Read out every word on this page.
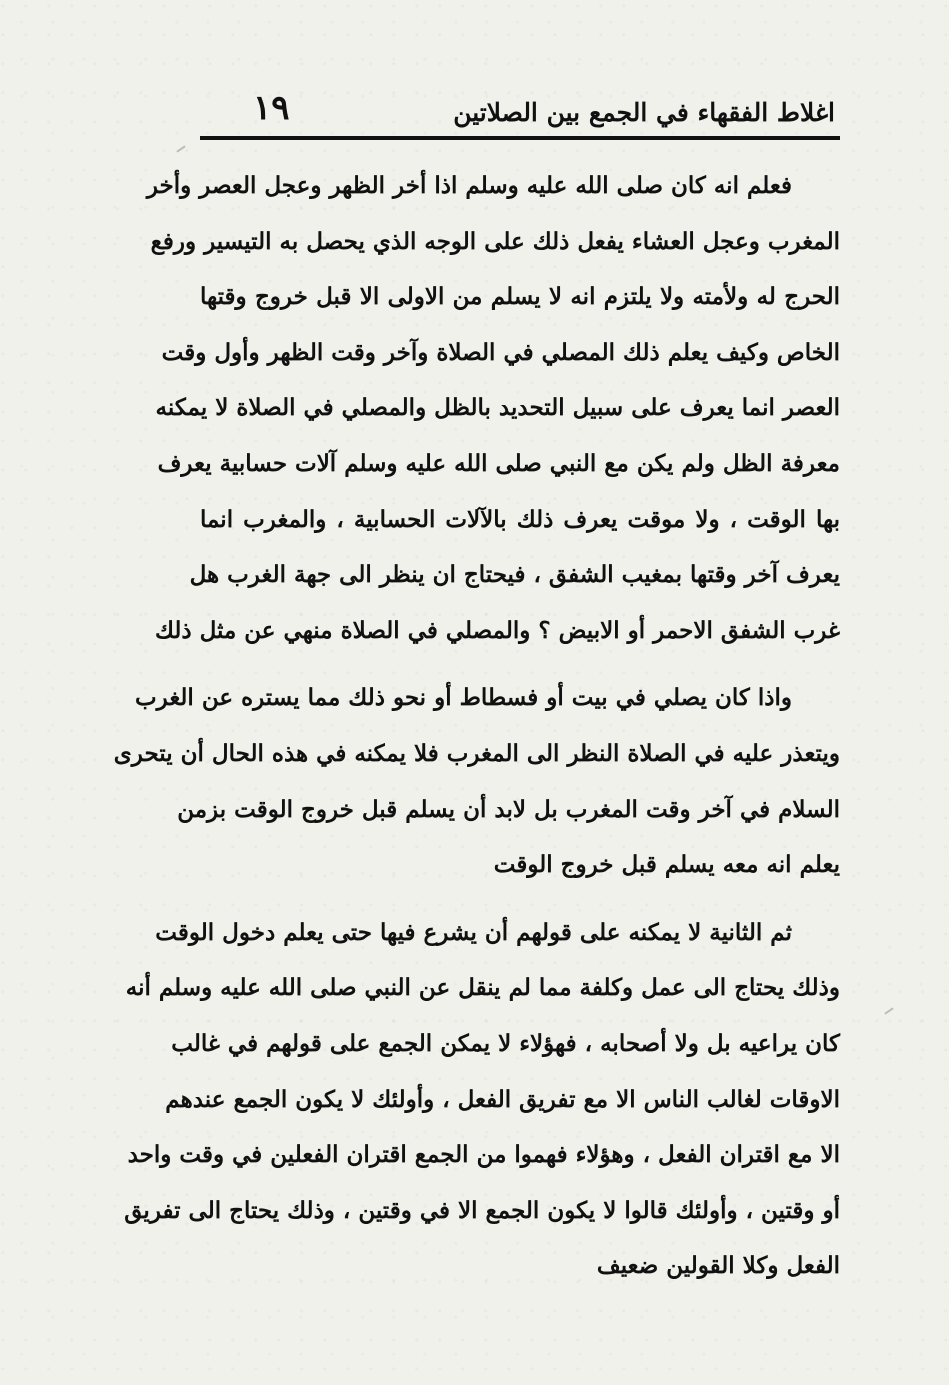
اغلاط الفقهاء في الجمع بين الصلاتين
١٩
فعلم انه كان صلى الله عليه وسلم اذا أخر الظهر وعجل العصر وأخر
المغرب وعجل العشاء يفعل ذلك على الوجه الذي يحصل به التيسير ورفع
الحرج له ولأمته ولا يلتزم انه لا يسلم من الاولى الا قبل خروج وقتها
الخاص وكيف يعلم ذلك المصلي في الصلاة وآخر وقت الظهر وأول وقت
العصر انما يعرف على سبيل التحديد بالظل والمصلي في الصلاة لا يمكنه
معرفة الظل ولم يكن مع النبي صلى الله عليه وسلم آلات حسابية يعرف
بها الوقت ، ولا موقت يعرف ذلك بالآلات الحسابية ، والمغرب انما
يعرف آخر وقتها بمغيب الشفق ، فيحتاج ان ينظر الى جهة الغرب هل
غرب الشفق الاحمر أو الابيض ؟ والمصلي في الصلاة منهي عن مثل ذلك
واذا كان يصلي في بيت أو فسطاط أو نحو ذلك مما يستره عن الغرب
ويتعذر عليه في الصلاة النظر الى المغرب فلا يمكنه في هذه الحال أن يتحرى
السلام في آخر وقت المغرب بل لابد أن يسلم قبل خروج الوقت بزمن
يعلم انه معه يسلم قبل خروج الوقت
ثم الثانية لا يمكنه على قولهم أن يشرع فيها حتى يعلم دخول الوقت
وذلك يحتاج الى عمل وكلفة مما لم ينقل عن النبي صلى الله عليه وسلم أنه
كان يراعيه بل ولا أصحابه ، فهؤلاء لا يمكن الجمع على قولهم في غالب
الاوقات لغالب الناس الا مع تفريق الفعل ، وأولئك لا يكون الجمع عندهم
الا مع اقتران الفعل ، وهؤلاء فهموا من الجمع اقتران الفعلين في وقت واحد
أو وقتين ، وأولئك قالوا لا يكون الجمع الا في وقتين ، وذلك يحتاج الى تفريق
الفعل وكلا القولين ضعيف
